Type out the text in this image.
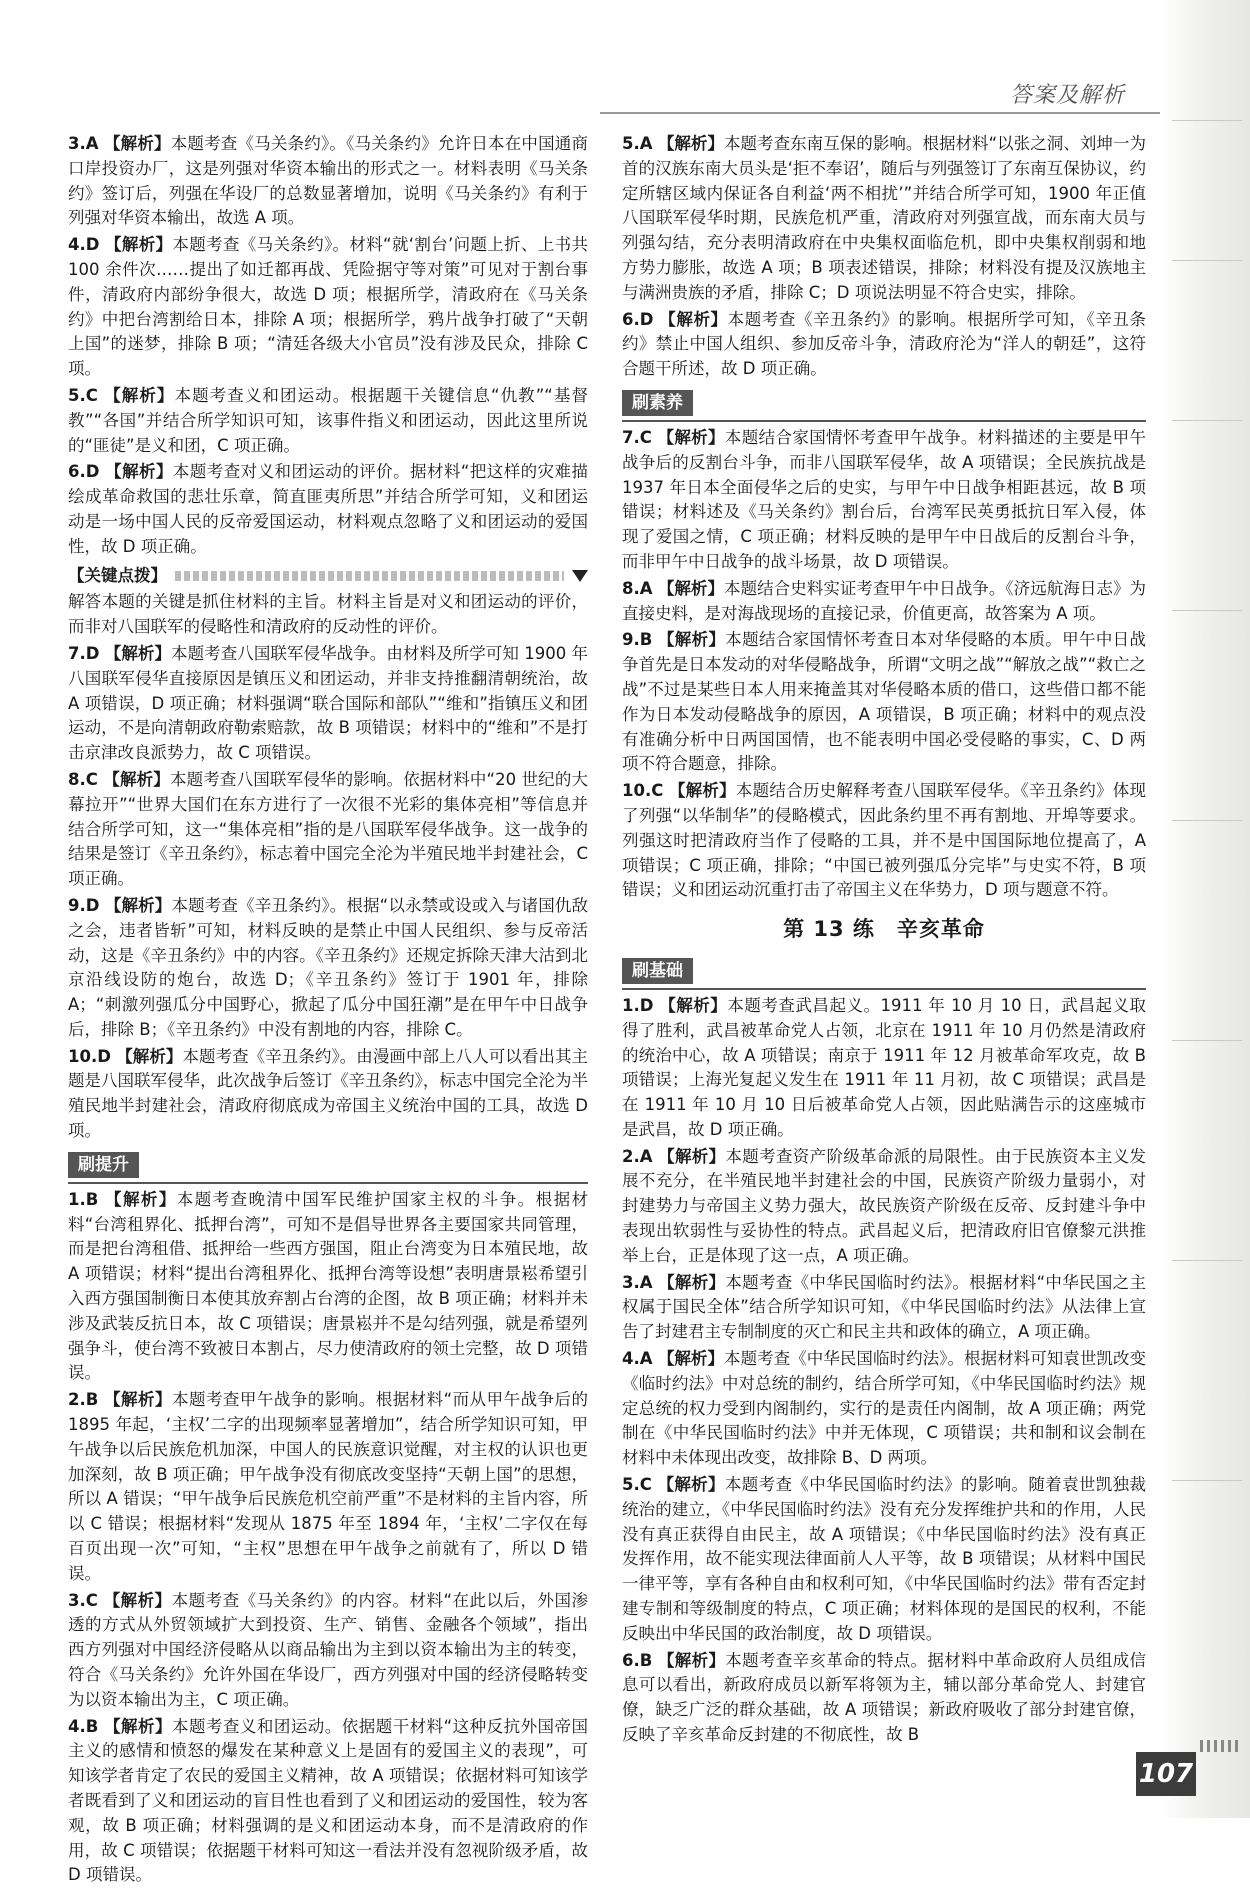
答案及解析
3.A 【解析】本题考查《马关条约》。《马关条约》允许日本在中国通商口岸投资办厂，这是列强对华资本输出的形式之一。材料表明《马关条约》签订后，列强在华设厂的总数显著增加，说明《马关条约》有利于列强对华资本输出，故选 A 项。
4.D 【解析】本题考查《马关条约》。材料“就‘割台’问题上折、上书共 100 余件次……提出了如迁都再战、凭险据守等对策”可见对于割台事件，清政府内部纷争很大，故选 D 项；根据所学，清政府在《马关条约》中把台湾割给日本，排除 A 项；根据所学，鸦片战争打破了“天朝上国”的迷梦，排除 B 项；“清廷各级大小官员”没有涉及民众，排除 C 项。
5.C 【解析】本题考查义和团运动。根据题干关键信息“仇教”“基督教”“各国”并结合所学知识可知，该事件指义和团运动，因此这里所说的“匪徒”是义和团，C 项正确。
6.D 【解析】本题考查对义和团运动的评价。据材料“把这样的灾难描绘成革命救国的悲壮乐章，简直匪夷所思”并结合所学可知，义和团运动是一场中国人民的反帝爱国运动，材料观点忽略了义和团运动的爱国性，故 D 项正确。
【关键点拨】
解答本题的关键是抓住材料的主旨。材料主旨是对义和团运动的评价，而非对八国联军的侵略性和清政府的反动性的评价。
7.D 【解析】本题考查八国联军侵华战争。由材料及所学可知 1900 年八国联军侵华直接原因是镇压义和团运动，并非支持推翻清朝统治，故 A 项错误，D 项正确；材料强调“联合国际和部队”“维和”指镇压义和团运动，不是向清朝政府勒索赔款，故 B 项错误；材料中的“维和”不是打击京津改良派势力，故 C 项错误。
8.C 【解析】本题考查八国联军侵华的影响。依据材料中“20 世纪的大幕拉开”“世界大国们在东方进行了一次很不光彩的集体亮相”等信息并结合所学可知，这一“集体亮相”指的是八国联军侵华战争。这一战争的结果是签订《辛丑条约》，标志着中国完全沦为半殖民地半封建社会，C 项正确。
9.D 【解析】本题考查《辛丑条约》。根据“以永禁或设或入与诸国仇敌之会，违者皆斩”可知，材料反映的是禁止中国人民组织、参与反帝活动，这是《辛丑条约》中的内容。《辛丑条约》还规定拆除天津大沽到北京沿线设防的炮台，故选 D；《辛丑条约》签订于 1901 年，排除 A；“刺激列强瓜分中国野心，掀起了瓜分中国狂潮”是在甲午中日战争后，排除 B；《辛丑条约》中没有割地的内容，排除 C。
10.D 【解析】本题考查《辛丑条约》。由漫画中部上八人可以看出其主题是八国联军侵华，此次战争后签订《辛丑条约》，标志中国完全沦为半殖民地半封建社会，清政府彻底成为帝国主义统治中国的工具，故选 D 项。
刷提升
1.B 【解析】本题考查晚清中国军民维护国家主权的斗争。根据材料“台湾租界化、抵押台湾”，可知不是倡导世界各主要国家共同管理，而是把台湾租借、抵押给一些西方强国，阻止台湾变为日本殖民地，故 A 项错误；材料“提出台湾租界化、抵押台湾等设想”表明唐景崧希望引入西方强国制衡日本使其放弃割占台湾的企图，故 B 项正确；材料并未涉及武装反抗日本，故 C 项错误；唐景崧并不是勾结列强，就是希望列强争斗，使台湾不致被日本割占，尽力使清政府的领土完整，故 D 项错误。
2.B 【解析】本题考查甲午战争的影响。根据材料“而从甲午战争后的 1895 年起，‘主权’二字的出现频率显著增加”，结合所学知识可知，甲午战争以后民族危机加深，中国人的民族意识觉醒，对主权的认识也更加深刻，故 B 项正确；甲午战争没有彻底改变坚持“天朝上国”的思想，所以 A 错误；“甲午战争后民族危机空前严重”不是材料的主旨内容，所以 C 错误；根据材料“发现从 1875 年至 1894 年，‘主权’二字仅在每百页出现一次”可知，“主权”思想在甲午战争之前就有了，所以 D 错误。
3.C 【解析】本题考查《马关条约》的内容。材料“在此以后，外国渗透的方式从外贸领域扩大到投资、生产、销售、金融各个领域”，指出西方列强对中国经济侵略从以商品输出为主到以资本输出为主的转变，符合《马关条约》允许外国在华设厂，西方列强对中国的经济侵略转变为以资本输出为主，C 项正确。
4.B 【解析】本题考查义和团运动。依据题干材料“这种反抗外国帝国主义的感情和愤怒的爆发在某种意义上是固有的爱国主义的表现”，可知该学者肯定了农民的爱国主义精神，故 A 项错误；依据材料可知该学者既看到了义和团运动的盲目性也看到了义和团运动的爱国性，较为客观，故 B 项正确；材料强调的是义和团运动本身，而不是清政府的作用，故 C 项错误；依据题干材料可知这一看法并没有忽视阶级矛盾，故 D 项错误。
5.A 【解析】本题考查东南互保的影响。根据材料“以张之洞、刘坤一为首的汉族东南大员头是‘拒不奉诏’，随后与列强签订了东南互保协议，约定所辖区域内保证各自利益‘两不相扰’”并结合所学可知，1900 年正值八国联军侵华时期，民族危机严重，清政府对列强宣战，而东南大员与列强勾结，充分表明清政府在中央集权面临危机，即中央集权削弱和地方势力膨胀，故选 A 项；B 项表述错误，排除；材料没有提及汉族地主与满洲贵族的矛盾，排除 C；D 项说法明显不符合史实，排除。
6.D 【解析】本题考查《辛丑条约》的影响。根据所学可知，《辛丑条约》禁止中国人组织、参加反帝斗争，清政府沦为“洋人的朝廷”，这符合题干所述，故 D 项正确。
刷素养
7.C 【解析】本题结合家国情怀考查甲午战争。材料描述的主要是甲午战争后的反割台斗争，而非八国联军侵华，故 A 项错误；全民族抗战是 1937 年日本全面侵华之后的史实，与甲午中日战争相距甚远，故 B 项错误；材料述及《马关条约》割台后，台湾军民英勇抵抗日军入侵，体现了爱国之情，C 项正确；材料反映的是甲午中日战后的反割台斗争，而非甲午中日战争的战斗场景，故 D 项错误。
8.A 【解析】本题结合史料实证考查甲午中日战争。《济远航海日志》为直接史料，是对海战现场的直接记录，价值更高，故答案为 A 项。
9.B 【解析】本题结合家国情怀考查日本对华侵略的本质。甲午中日战争首先是日本发动的对华侵略战争，所谓“文明之战”“解放之战”“救亡之战”不过是某些日本人用来掩盖其对华侵略本质的借口，这些借口都不能作为日本发动侵略战争的原因，A 项错误，B 项正确；材料中的观点没有准确分析中日两国国情，也不能表明中国必受侵略的事实，C、D 两项不符合题意，排除。
10.C 【解析】本题结合历史解释考查八国联军侵华。《辛丑条约》体现了列强“以华制华”的侵略模式，因此条约里不再有割地、开埠等要求。列强这时把清政府当作了侵略的工具，并不是中国国际地位提高了，A 项错误；C 项正确，排除；“中国已被列强瓜分完毕”与史实不符，B 项错误；义和团运动沉重打击了帝国主义在华势力，D 项与题意不符。
第 13 练　辛亥革命
刷基础
1.D 【解析】本题考查武昌起义。1911 年 10 月 10 日，武昌起义取得了胜利，武昌被革命党人占领，北京在 1911 年 10 月仍然是清政府的统治中心，故 A 项错误；南京于 1911 年 12 月被革命军攻克，故 B 项错误；上海光复起义发生在 1911 年 11 月初，故 C 项错误；武昌是在 1911 年 10 月 10 日后被革命党人占领，因此贴满告示的这座城市是武昌，故 D 项正确。
2.A 【解析】本题考查资产阶级革命派的局限性。由于民族资本主义发展不充分，在半殖民地半封建社会的中国，民族资产阶级力量弱小，对封建势力与帝国主义势力强大，故民族资产阶级在反帝、反封建斗争中表现出软弱性与妥协性的特点。武昌起义后，把清政府旧官僚黎元洪推举上台，正是体现了这一点，A 项正确。
3.A 【解析】本题考查《中华民国临时约法》。根据材料“中华民国之主权属于国民全体”结合所学知识可知，《中华民国临时约法》从法律上宣告了封建君主专制制度的灭亡和民主共和政体的确立，A 项正确。
4.A 【解析】本题考查《中华民国临时约法》。根据材料可知袁世凯改变《临时约法》中对总统的制约，结合所学可知，《中华民国临时约法》规定总统的权力受到内阁制约，实行的是责任内阁制，故 A 项正确；两党制在《中华民国临时约法》中并无体现，C 项错误；共和制和议会制在材料中未体现出改变，故排除 B、D 两项。
5.C 【解析】本题考查《中华民国临时约法》的影响。随着袁世凯独裁统治的建立，《中华民国临时约法》没有充分发挥维护共和的作用，人民没有真正获得自由民主，故 A 项错误；《中华民国临时约法》没有真正发挥作用，故不能实现法律面前人人平等，故 B 项错误；从材料中国民一律平等，享有各种自由和权利可知，《中华民国临时约法》带有否定封建专制和等级制度的特点，C 项正确；材料体现的是国民的权利，不能反映出中华民国的政治制度，故 D 项错误。
6.B 【解析】本题考查辛亥革命的特点。据材料中革命政府人员组成信息可以看出，新政府成员以新军将领为主，辅以部分革命党人、封建官僚，缺乏广泛的群众基础，故 A 项错误；新政府吸收了部分封建官僚，反映了辛亥革命反封建的不彻底性，故 B
107
